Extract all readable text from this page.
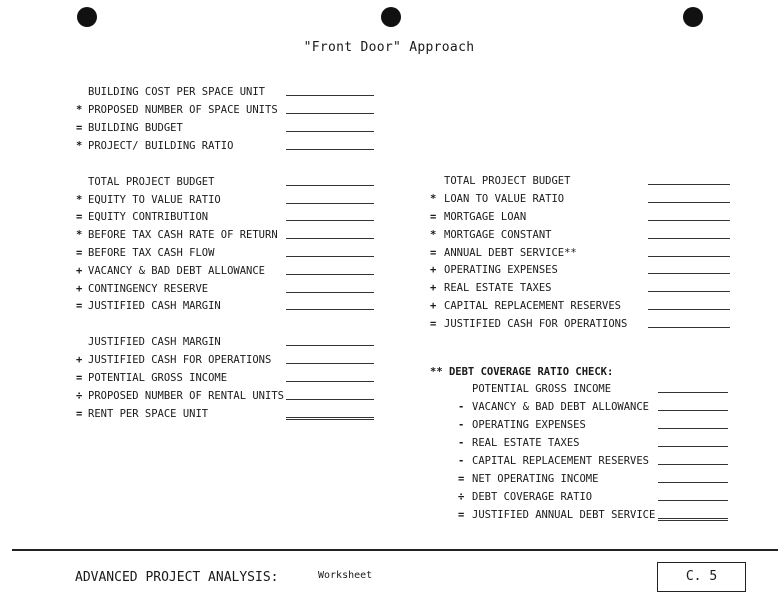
"Front Door" Approach
BUILDING COST PER SPACE UNIT
* PROPOSED NUMBER OF SPACE UNITS
= BUILDING BUDGET
* PROJECT/ BUILDING RATIO
TOTAL PROJECT BUDGET
* EQUITY TO VALUE RATIO
= EQUITY CONTRIBUTION
* BEFORE TAX CASH RATE OF RETURN
= BEFORE TAX CASH FLOW
+ VACANCY & BAD DEBT ALLOWANCE
+ CONTINGENCY RESERVE
= JUSTIFIED CASH MARGIN
JUSTIFIED CASH MARGIN
+ JUSTIFIED CASH FOR OPERATIONS
= POTENTIAL GROSS INCOME
÷ PROPOSED NUMBER OF RENTAL UNITS
= RENT PER SPACE UNIT
TOTAL PROJECT BUDGET
* LOAN TO VALUE RATIO
= MORTGAGE LOAN
* MORTGAGE CONSTANT
= ANNUAL DEBT SERVICE**
+ OPERATING EXPENSES
+ REAL ESTATE TAXES
+ CAPITAL REPLACEMENT RESERVES
= JUSTIFIED CASH FOR OPERATIONS
** DEBT COVERAGE RATIO CHECK:
POTENTIAL GROSS INCOME
- VACANCY & BAD DEBT ALLOWANCE
- OPERATING EXPENSES
- REAL ESTATE TAXES
- CAPITAL REPLACEMENT RESERVES
= NET OPERATING INCOME
÷ DEBT COVERAGE RATIO
= JUSTIFIED ANNUAL DEBT SERVICE
ADVANCED PROJECT ANALYSIS:	Worksheet	C. 5
